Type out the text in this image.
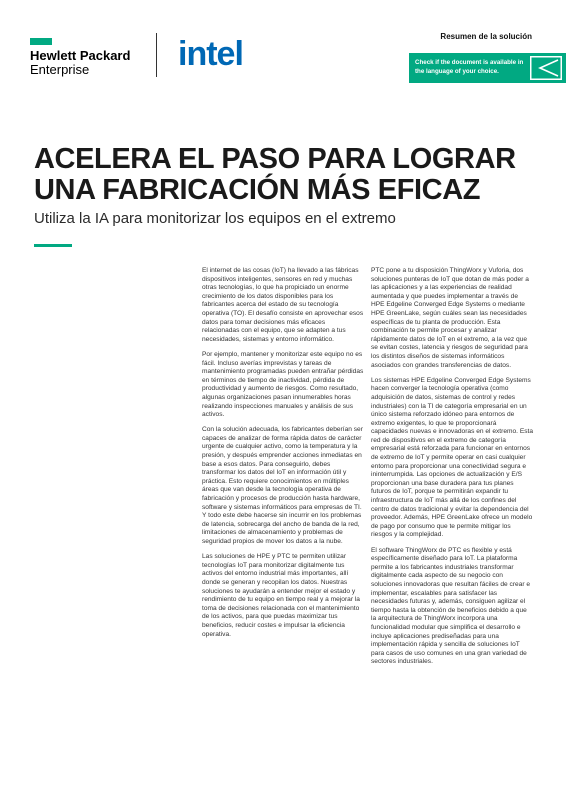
Hewlett Packard
Enterprise	intel	Resumen de la solución
Check if the document is available in the language of your choice.
ACELERA EL PASO PARA LOGRAR UNA FABRICACIÓN MÁS EFICAZ
Utiliza la IA para monitorizar los equipos en el extremo

El internet de las cosas (IoT) ha llevado a las fábricas dispositivos inteligentes, sensores en red y muchas otras tecnologías, lo que ha propiciado un enorme crecimiento de los datos disponibles para los fabricantes acerca del estado de su tecnología operativa (TO). El desafío consiste en aprovechar esos datos para tomar decisiones más eficaces relacionadas con el equipo, que se adapten a tus necesidades, sistemas y entorno informático.

Por ejemplo, mantener y monitorizar este equipo no es fácil. Incluso averías imprevistas y tareas de mantenimiento programadas pueden entrañar pérdidas en términos de tiempo de inactividad, pérdida de productividad y aumento de riesgos. Como resultado, algunas organizaciones pasan innumerables horas realizando inspecciones manuales y análisis de sus activos.

Con la solución adecuada, los fabricantes deberían ser capaces de analizar de forma rápida datos de carácter urgente de cualquier activo, como la temperatura y la presión, y después emprender acciones inmediatas en base a esos datos. Para conseguirlo, debes transformar los datos del IoT en información útil y práctica. Esto requiere conocimientos en múltiples áreas que van desde la tecnología operativa de fabricación y procesos de producción hasta hardware, software y sistemas informáticos para empresas de TI. Y todo este debe hacerse sin incurrir en los problemas de latencia, sobrecarga del ancho de banda de la red, limitaciones de almacenamiento y problemas de seguridad propios de mover los datos a la nube.

Las soluciones de HPE y PTC te permiten utilizar tecnologías IoT para monitorizar digitalmente tus activos del entorno industrial más importantes, allí donde se generan y recopilan los datos. Nuestras soluciones te ayudarán a entender mejor el estado y rendimiento de tu equipo en tiempo real y a mejorar la toma de decisiones relacionada con el mantenimiento de los activos, para que puedas maximizar tus beneficios, reducir costes e impulsar la eficiencia operativa.

PTC pone a tu disposición ThingWorx y Vuforia, dos soluciones punteras de IoT que dotan de más poder a las aplicaciones y a las experiencias de realidad aumentada y que puedes implementar a través de HPE Edgeline Converged Edge Systems o mediante HPE GreenLake, según cuáles sean las necesidades específicas de tu planta de producción. Esta combinación te permite procesar y analizar rápidamente datos de IoT en el extremo, a la vez que se evitan costes, latencia y riesgos de seguridad para los distintos diseños de sistemas informáticos asociados con grandes transferencias de datos.

Los sistemas HPE Edgeline Converged Edge Systems hacen converger la tecnología operativa (como adquisición de datos, sistemas de control y redes industriales) con la TI de categoría empresarial en un único sistema reforzado idóneo para entornos de extremo exigentes, lo que te proporcionará capacidades nuevas e innovadoras en el extremo. Esta red de dispositivos en el extremo de categoría empresarial está reforzada para funcionar en entornos de extremo de IoT y permite operar en casi cualquier entorno para proporcionar una conectividad segura e ininterrumpida. Las opciones de actualización y E/S proporcionan una base duradera para tus planes futuros de IoT, porque te permitirán expandir tu infraestructura de IoT más allá de los confines del centro de datos tradicional y evitar la dependencia del proveedor. Además, HPE GreenLake ofrece un modelo de pago por consumo que te permite mitigar los riesgos y la complejidad.

El software ThingWorx de PTC es flexible y está específicamente diseñado para IoT. La plataforma permite a los fabricantes industriales transformar digitalmente cada aspecto de su negocio con soluciones innovadoras que resultan fáciles de crear e implementar, escalables para satisfacer las necesidades futuras y, además, consiguen agilizar el tiempo hasta la obtención de beneficios debido a que la arquitectura de ThingWorx incorpora una funcionalidad modular que simplifica el desarrollo e incluye aplicaciones prediseñadas para una implementación rápida y sencilla de soluciones IoT para casos de uso comunes en una gran variedad de sectores industriales.
